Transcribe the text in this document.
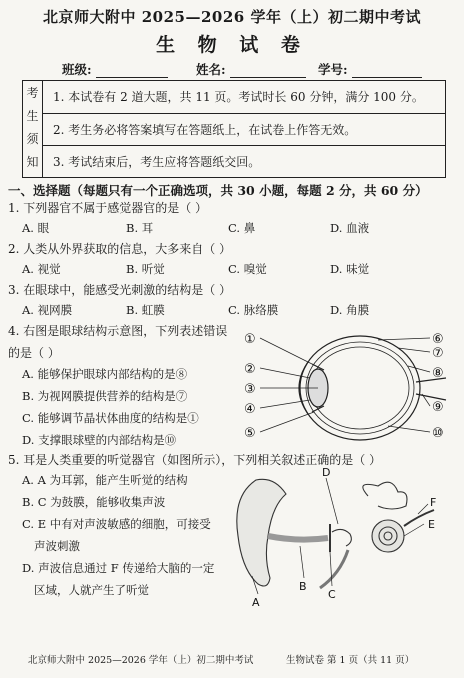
北京师大附中 2025—2026 学年（上）初二期中考试
生 物 试 卷
班级:	姓名:	学号:
考
生
须
知
1. 本试卷有 2 道大题，共 11 页。考试时长 60 分钟，满分 100 分。
2. 考生务必将答案填写在答题纸上，在试卷上作答无效。
3. 考试结束后，考生应将答题纸交回。
一、选择题（每题只有一个正确选项，共 30 小题，每题 2 分，共 60 分）
1. 下列器官不属于感觉器官的是（ ）
A. 眼	B. 耳	C. 鼻	D. 血液
2. 人类从外界获取的信息，大多来自（ ）
A. 视觉	B. 听觉	C. 嗅觉	D. 味觉
3. 在眼球中，能感受光刺激的结构是（ ）
A. 视网膜	B. 虹膜	C. 脉络膜	D. 角膜
4. 右图是眼球结构示意图，下列表述错误
的是（ ）
A. 能够保护眼球内部结构的是⑧
B. 为视网膜提供营养的结构是⑦
C. 能够调节晶状体曲度的结构是①
D. 支撑眼球壁的内部结构是⑩
①
②
③
④
⑤
⑥
⑦
⑧
⑨
⑩
5. 耳是人类重要的听觉器官（如图所示），下列相关叙述正确的是（ ）
A. A 为耳郭，能产生听觉的结构
B. C 为鼓膜，能够收集声波
C. E 中有对声波敏感的细胞，可接受
声波刺激
D. 声波信息通过 F 传递给大脑的一定
区域，人就产生了听觉
A
B
C
D
E
F
北京师大附中 2025—2026 学年（上）初二期中考试	生物试卷 第 1 页（共 11 页）
